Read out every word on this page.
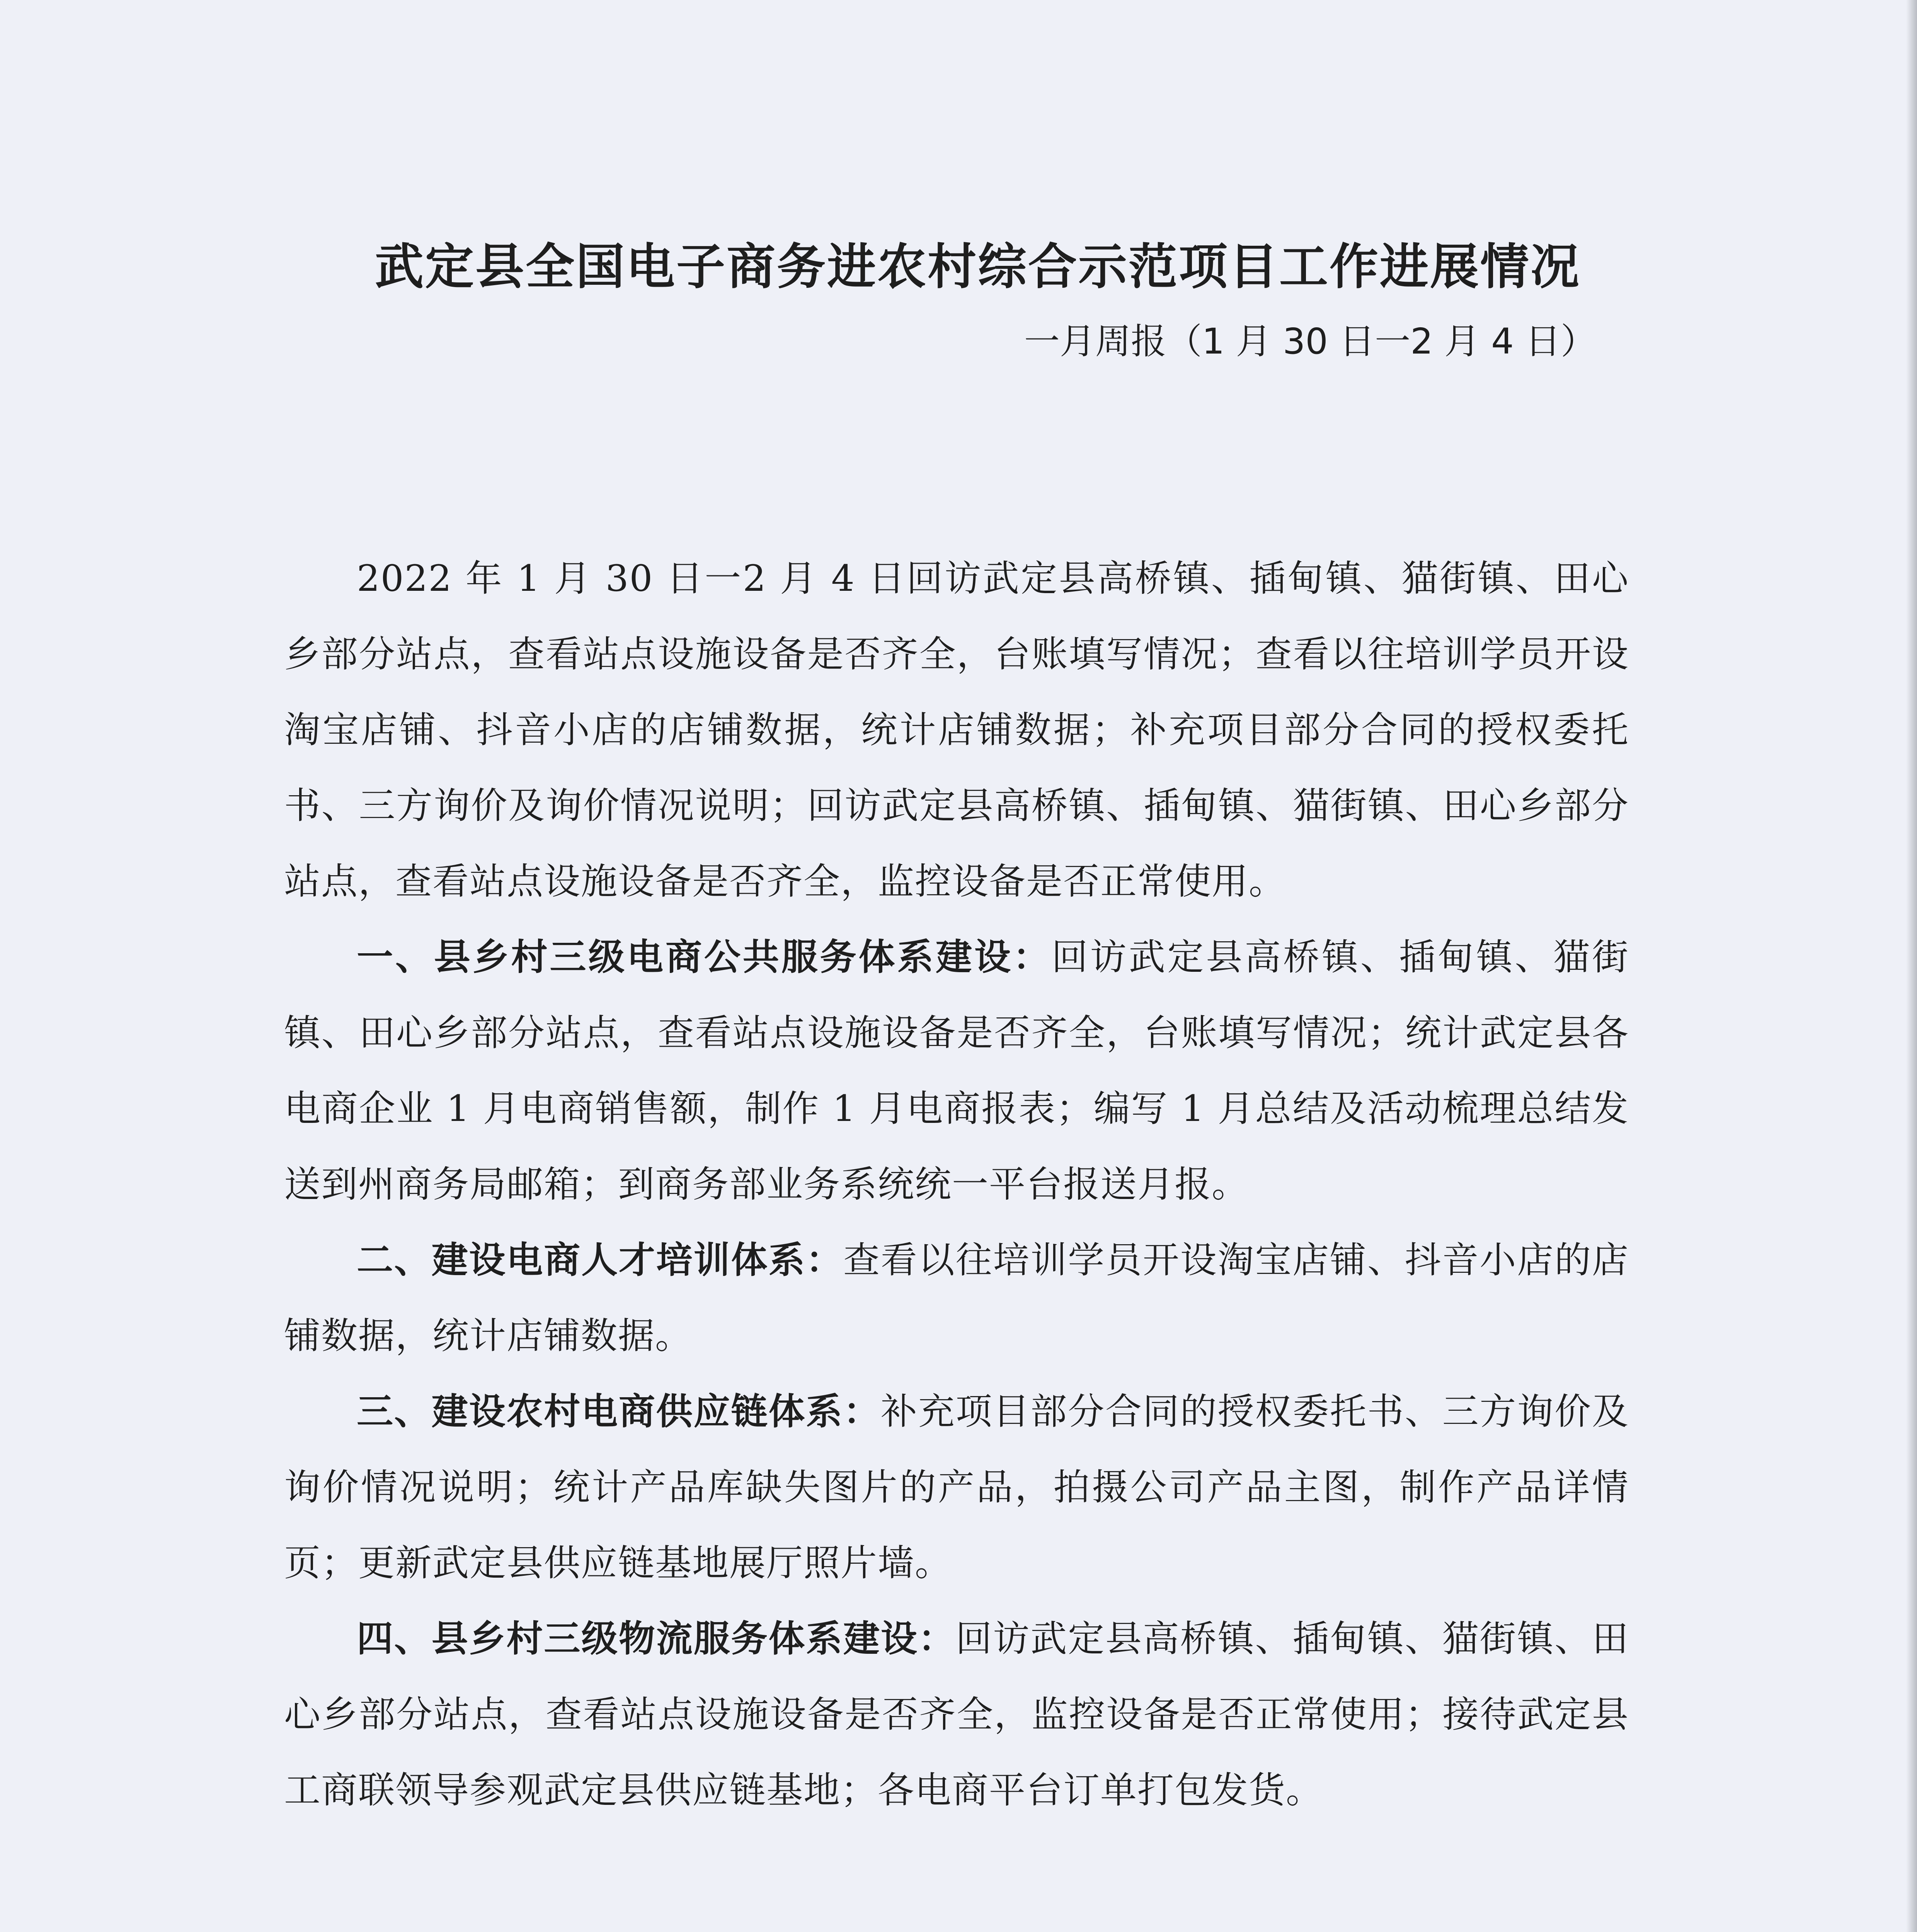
武定县全国电子商务进农村综合示范项目工作进展情况

一月周报（1 月 30 日一2 月 4 日）

2022 年 1 月 30 日一2 月 4 日回访武定县高桥镇、插甸镇、猫街镇、田心乡部分站点，查看站点设施设备是否齐全，台账填写情况；查看以往培训学员开设淘宝店铺、抖音小店的店铺数据，统计店铺数据；补充项目部分合同的授权委托书、三方询价及询价情况说明；回访武定县高桥镇、插甸镇、猫街镇、田心乡部分站点，查看站点设施设备是否齐全，监控设备是否正常使用。

一、县乡村三级电商公共服务体系建设：回访武定县高桥镇、插甸镇、猫街镇、田心乡部分站点，查看站点设施设备是否齐全，台账填写情况；统计武定县各电商企业 1 月电商销售额，制作 1 月电商报表；编写 1 月总结及活动梳理总结发送到州商务局邮箱；到商务部业务系统统一平台报送月报。

二、建设电商人才培训体系：查看以往培训学员开设淘宝店铺、抖音小店的店铺数据，统计店铺数据。

三、建设农村电商供应链体系：补充项目部分合同的授权委托书、三方询价及询价情况说明；统计产品库缺失图片的产品，拍摄公司产品主图，制作产品详情页；更新武定县供应链基地展厅照片墙。

四、县乡村三级物流服务体系建设：回访武定县高桥镇、插甸镇、猫街镇、田心乡部分站点，查看站点设施设备是否齐全，监控设备是否正常使用；接待武定县工商联领导参观武定县供应链基地；各电商平台订单打包发货。
